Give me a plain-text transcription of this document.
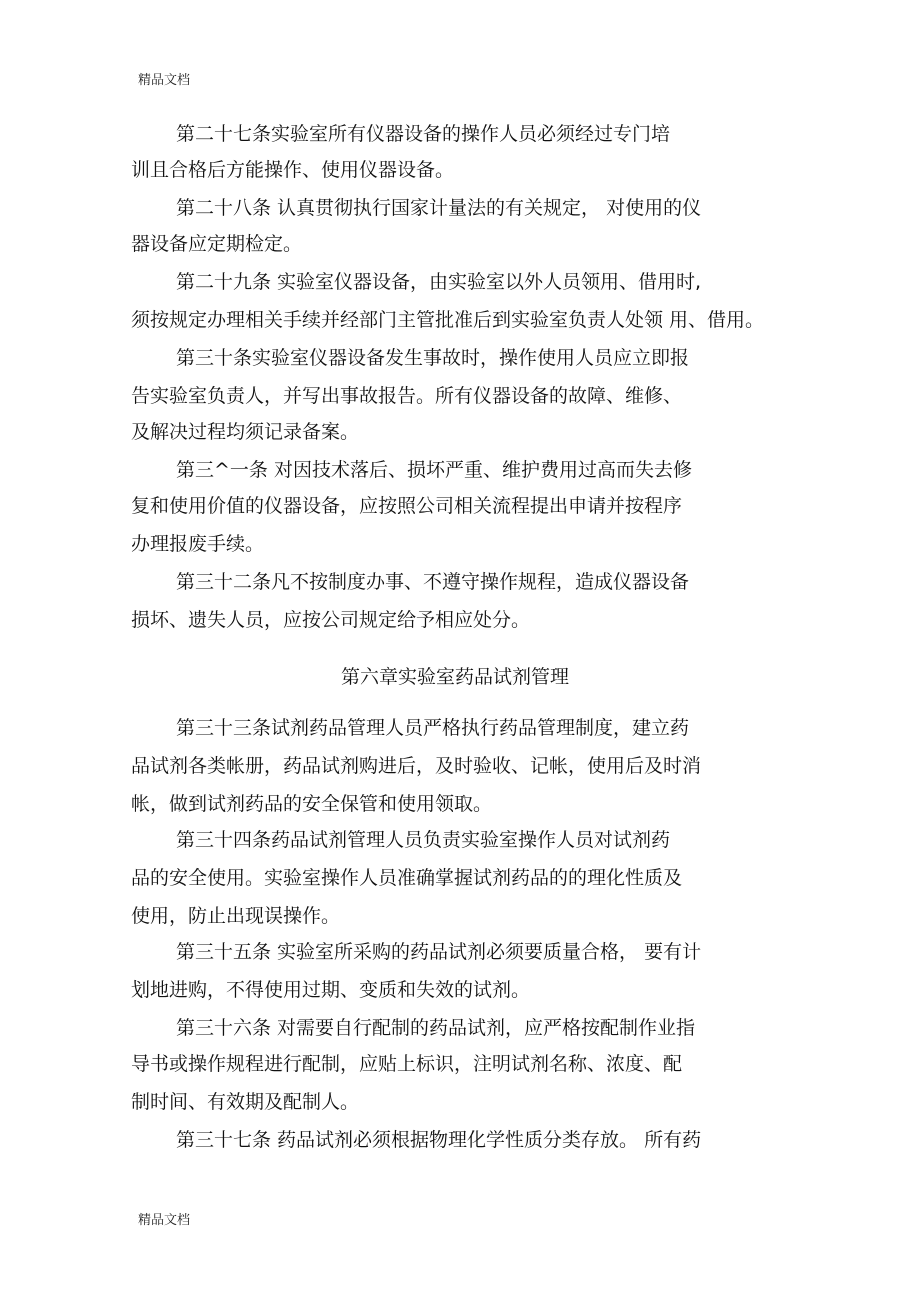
精品文档
第二十七条实验室所有仪器设备的操作人员必须经过专门培
训且合格后方能操作、使用仪器设备。
第二十八条 认真贯彻执行国家计量法的有关规定， 对使用的仪
器设备应定期检定。
第二十九条 实验室仪器设备，由实验室以外人员领用、借用时,
须按规定办理相关手续并经部门主管批准后到实验室负责人处领 用、借用。
第三十条实验室仪器设备发生事故时，操作使用人员应立即报
告实验室负责人，并写出事故报告。所有仪器设备的故障、维修、
及解决过程均须记录备案。
第三^一条 对因技术落后、损坏严重、维护费用过高而失去修
复和使用价值的仪器设备，应按照公司相关流程提出申请并按程序
办理报废手续。
第三十二条凡不按制度办事、不遵守操作规程，造成仪器设备
损坏、遗失人员，应按公司规定给予相应处分。
第六章实验室药品试剂管理
第三十三条试剂药品管理人员严格执行药品管理制度，建立药
品试剂各类帐册，药品试剂购进后，及时验收、记帐，使用后及时消
帐，做到试剂药品的安全保管和使用领取。
第三十四条药品试剂管理人员负责实验室操作人员对试剂药
品的安全使用。实验室操作人员准确掌握试剂药品的的理化性质及
使用，防止出现误操作。
第三十五条 实验室所采购的药品试剂必须要质量合格， 要有计
划地进购，不得使用过期、变质和失效的试剂。
第三十六条 对需要自行配制的药品试剂，应严格按配制作业指
导书或操作规程进行配制，应贴上标识，注明试剂名称、浓度、配
制时间、有效期及配制人。
第三十七条 药品试剂必须根据物理化学性质分类存放。 所有药
精品文档
